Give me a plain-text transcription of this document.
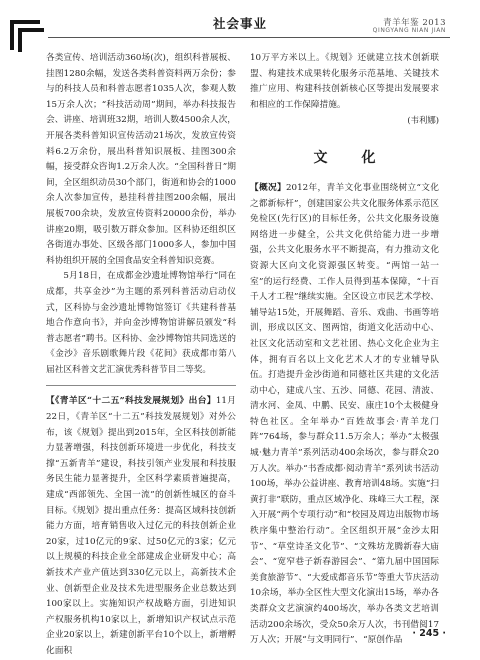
社会事业	青羊年鉴 2013
QINGYANG NIAN JIAN

各类宣传、培训活动360场(次)，组织科普展板、挂图1280余幅，发送各类科普资料两万余份；参与的科技人员和科普志愿者1035人次，参观人数15万余人次；“科技活动周”期间，举办科技报告会、讲座、培训班32期，培训人数4500余人次，开展各类科普知识宣传活动21场次，发放宣传资料6.2万余份，展出科普知识展板、挂图300余幅，接受群众咨询1.2万余人次。“全国科普日”期间，全区组织动员30个部门，街道和协会的1000余人次参加宣传，悬挂科普挂图200余幅，展出展板700余块，发放宣传资料20000余份，举办讲座20期，吸引数万群众参加。区科协还组织区各街道办事处、区级各部门1000多人，参加中国科协组织开展的全国食品安全科普知识竞赛。

5月18日，在成都金沙遗址博物馆举行“同在成都，共享金沙”为主题的系列科普活动启动仪式，区科协与金沙遗址博物馆签订《共建科普基地合作意向书》，并向金沙博物馆讲解员颁发“科普志愿者”聘书。区科协、金沙博物馆共同选送的《金沙》音乐剧歌舞片段《花间》获成都市第八届社区科普文艺汇演优秀科普节目二等奖。

【《青羊区“十二五”科技发展规划》出台】11月22日，《青羊区“十二五”科技发展规划》对外公布，该《规划》提出到2015年，全区科技创新能力显著增强，科技创新环境进一步优化，科技支撑“五新青羊”建设，科技引领产业发展和科技服务民生能力显著提升，全区科学素质普遍提高，建成“西部领先、全国一流”的创新性城区的奋斗目标。《规划》提出重点任务：提高区域科技创新能力方面，培育销售收入过亿元的科技创新企业20家，过10亿元的9家、过50亿元的3家；亿元以上规模的科技企业全部建成企业研发中心；高新技术产业产值达到330亿元以上，高新技术企业、创新型企业及技术先进型服务企业总数达到100家以上。实施知识产权战略方面，引进知识产权服务机构10家以上，新增知识产权试点示范企业20家以上，新建创新平台10个以上，新增孵化面积

10万平方米以上。《规划》还就建立技术创新联盟、构建技术成果转化服务示范基地、关键技术推广应用、构建科技创新核心区等提出发展要求和相应的工作保障措施。

(韦利娜)

文　化

【概况】2012年，青羊文化事业围绕树立“文化之都新标杆”，创建国家公共文化服务体系示范区免检区(先行区)的目标任务，公共文化服务设施网络进一步健全，公共文化供给能力进一步增强，公共文化服务水平不断提高，有力推动文化资源大区向文化资源强区转变。“两馆一站一室”的运行经费、工作人员得到基本保障，“十百千人才工程”继续实施。全区设立市民艺术学校、辅导站15处，开展舞蹈、音乐、戏曲、书画等培训，形成以区文、图两馆，街道文化活动中心、社区文化活动室和文艺社团、热心文化企业为主体，拥有百名以上文化艺术人才的专业辅导队伍。打造提升金沙街道和同德社区共建的文化活动中心，建成八宝、五沙、同德、花园、清波、清水河、金凤、中鹏、民安、康庄10个太极健身特色社区。全年举办“百姓故事会·青羊龙门阵”764场，参与群众11.5万余人；举办“太极强城·魅力青羊”系列活动400余场次，参与群众20万人次。举办“书香成都·阅动青羊”系列读书活动100场，举办公益讲座、教育培训48场。实施“扫黄打非”联防，重点区域净化、珠峰三大工程，深入开展“两个专项行动”和“校园及周边出版物市场秩序集中整治行动”。全区组织开展“金沙太阳节”、“草堂诗圣文化节”、“文殊坊龙腾新春大庙会”、“宽窄巷子新春游园会”、“第九届中国国际美食旅游节”、“大爱成都音乐节”等重大节庆活动10余场，举办全区性大型文化演出15场，举办各类群众文艺演演约400场次，举办各类文艺培训活动200余场次，受众50余万人次，书刊借阅17万人次；开展“与文明同行”、“原创作品

· 245 ·
